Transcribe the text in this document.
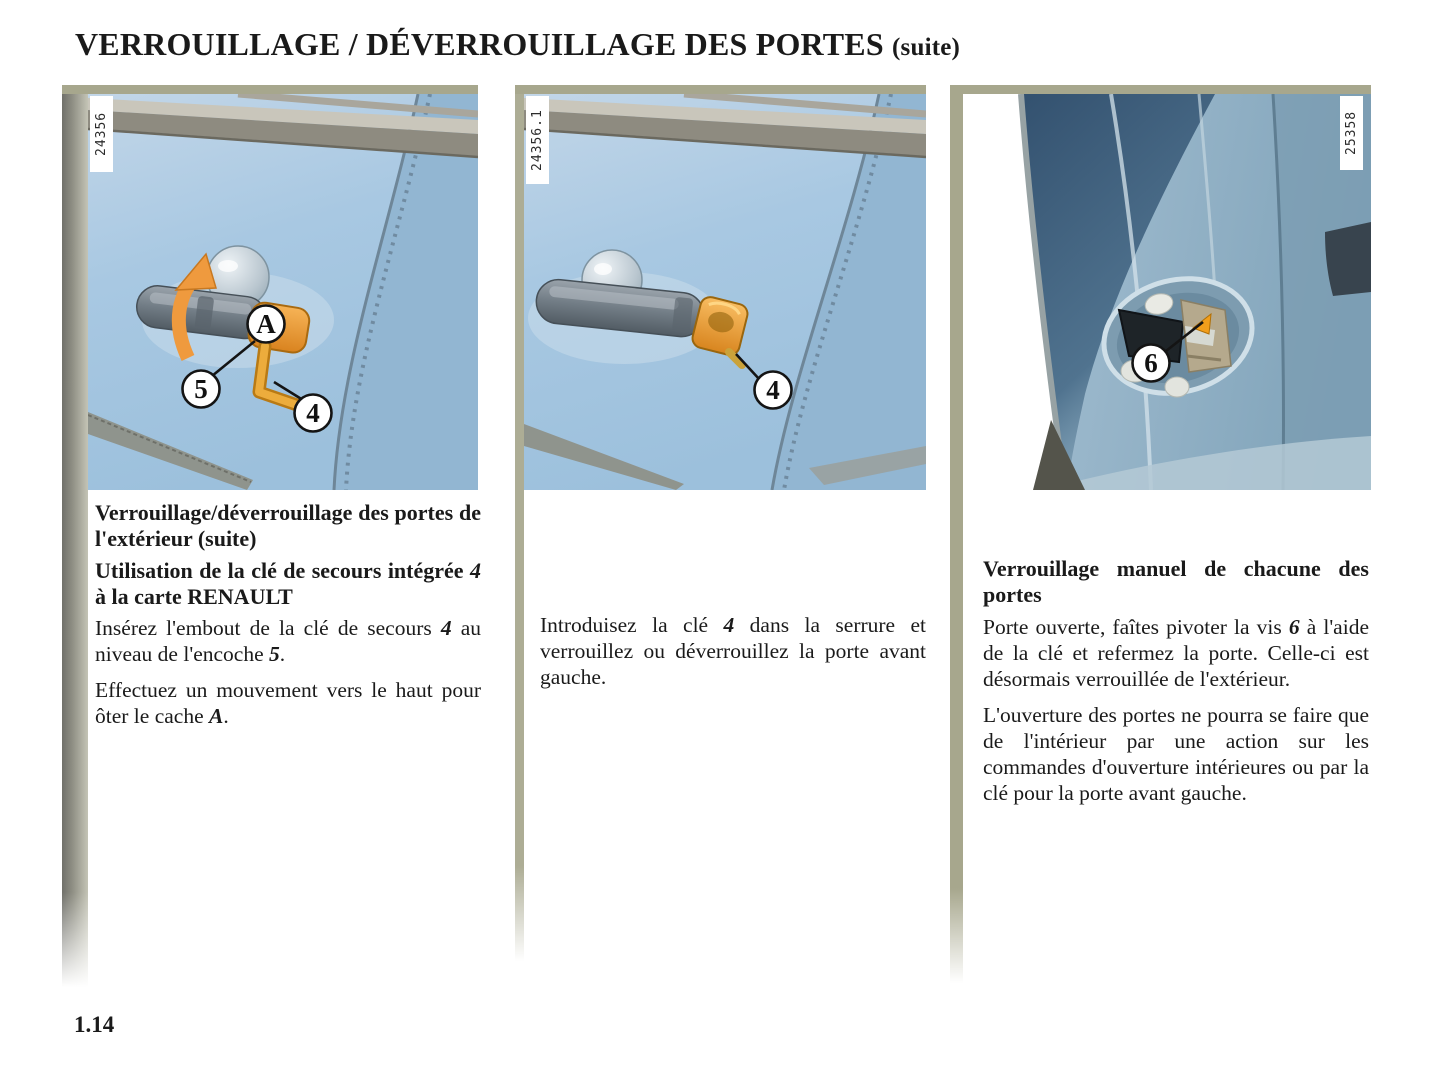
VERROUILLAGE / DÉVERROUILLAGE DES PORTES (suite)
A
5
4
24356
4
24356.1
6
25358
Verrouillage/déverrouillage des portes de l'extérieur (suite)
Utilisation de la clé de secours intégrée 4 à la carte RENAULT

Insérez l'embout de la clé de secours 4 au niveau de l'encoche 5.

Effectuez un mouvement vers le haut pour ôter le cache A.

Introduisez la clé 4 dans la serrure et verrouillez ou déverrouillez la porte avant gauche.

Verrouillage manuel de chacune des portes

Porte ouverte, faîtes pivoter la vis 6 à l'aide de la clé et refermez la porte. Celle-ci est désormais verrouillée de l'extérieur.

L'ouverture des portes ne pourra se faire que de l'intérieur par une action sur les commandes d'ouverture intérieures ou par la clé pour la porte avant gauche.

1.14
